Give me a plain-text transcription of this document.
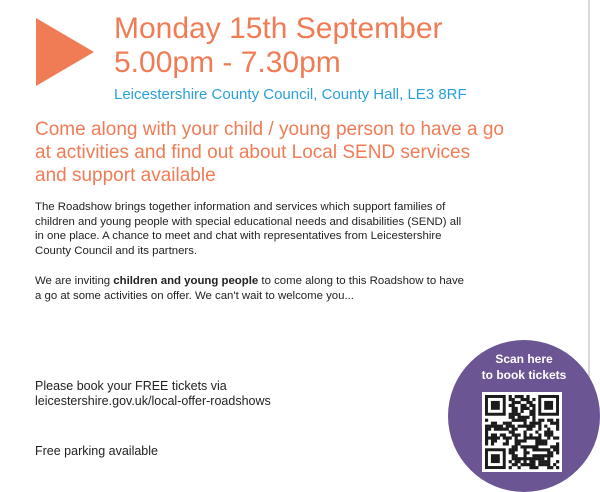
Monday 15th September
5.00pm - 7.30pm
Leicestershire County Council, County Hall, LE3 8RF
Come along with your child / young person to have a go at activities and find out about Local SEND services and support available

The Roadshow brings together information and services which support families of children and young people with special educational needs and disabilities (SEND) all in one place. A chance to meet and chat with representatives from Leicestershire County Council and its partners.

We are inviting children and young people to come along to this Roadshow to have a go at some activities on offer. We can't wait to welcome you...

Please book your FREE tickets via
leicestershire.gov.uk/local-offer-roadshows
Free parking available
Scan here
to book tickets
